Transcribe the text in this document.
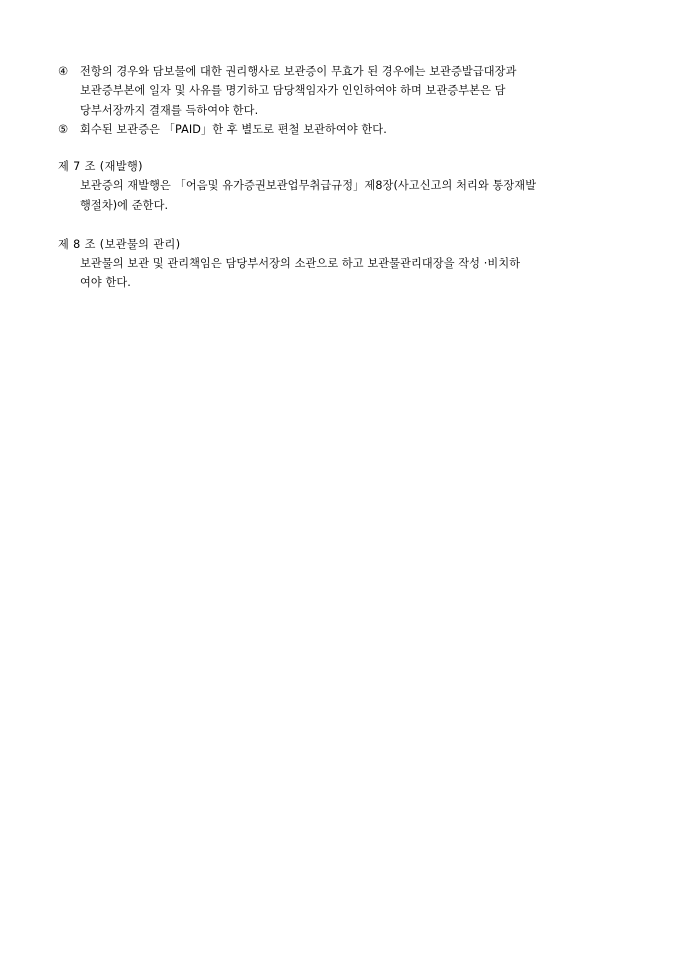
④	전항의 경우와 담보물에 대한 권리행사로 보관증이 무효가 된 경우에는 보관증발급대장과
보관증부본에 일자 및 사유를 명기하고 담당책임자가 인인하여야 하며 보관증부본은 담
당부서장까지 결재를 득하여야 한다.
⑤	회수된 보관증은 「PAID」한 후 별도로 편철 보관하여야 한다.

제 7 조 (재발행)

보관증의 재발행은 「어음및 유가증권보관업무취급규정」제8장(사고신고의 처리와 통장재발

행절차)에 준한다.

제 8 조 (보관물의 관리)

보관물의 보관 및 관리책임은 담당부서장의 소관으로 하고 보관물관리대장을 작성 ·비치하

여야 한다.
